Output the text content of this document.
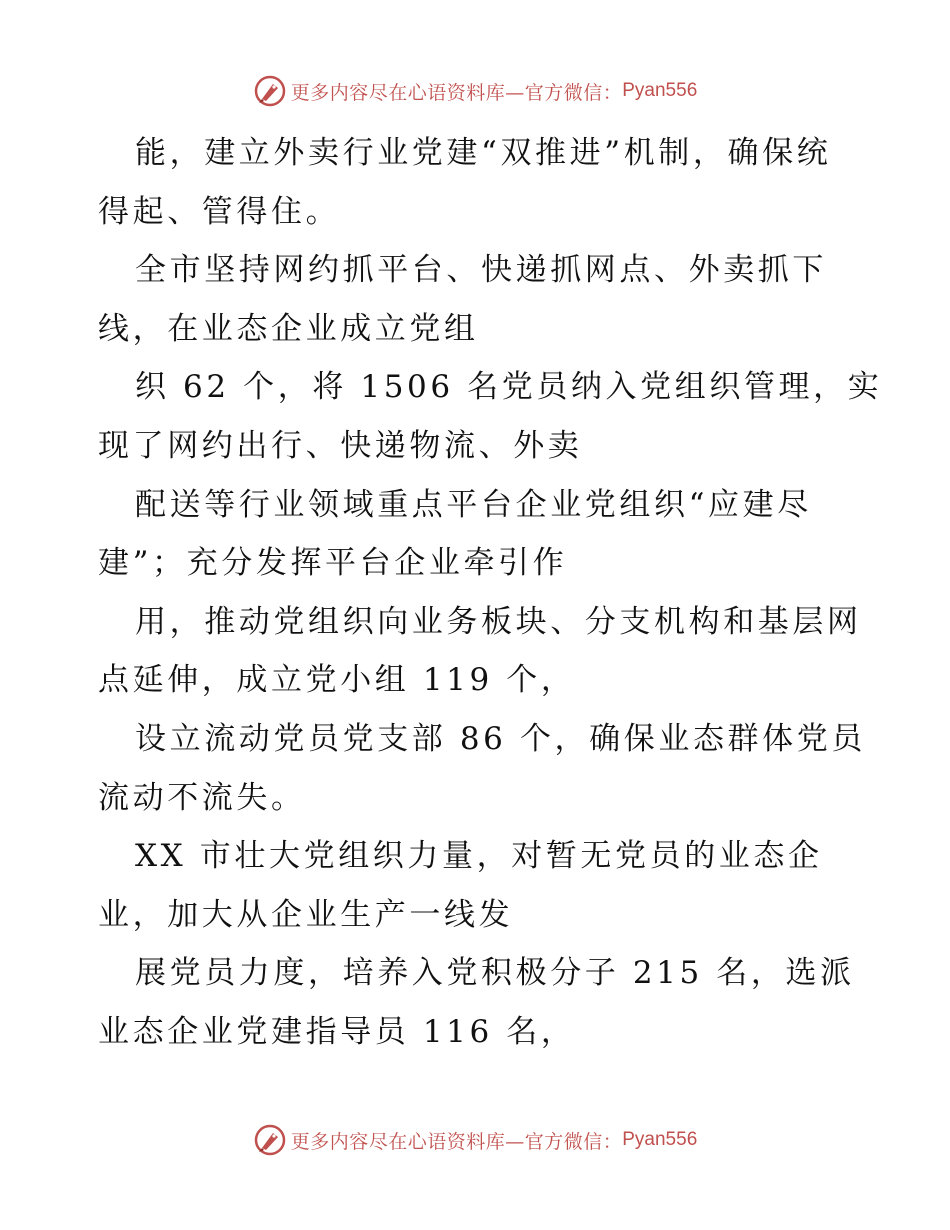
更多内容尽在心语资料库—官方微信： Pyan556
能，建立外卖行业党建“双推进”机制，确保统
得起、管得住。
全市坚持网约抓平台、快递抓网点、外卖抓下
线，在业态企业成立党组
织 62 个，将 1506 名党员纳入党组织管理，实
现了网约出行、快递物流、外卖
配送等行业领域重点平台企业党组织“应建尽
建”；充分发挥平台企业牵引作
用，推动党组织向业务板块、分支机构和基层网
点延伸，成立党小组 119 个，
设立流动党员党支部 86 个，确保业态群体党员
流动不流失。
XX 市壮大党组织力量，对暂无党员的业态企
业，加大从企业生产一线发
展党员力度，培养入党积极分子 215 名，选派
业态企业党建指导员 116 名，
更多内容尽在心语资料库—官方微信： Pyan556
